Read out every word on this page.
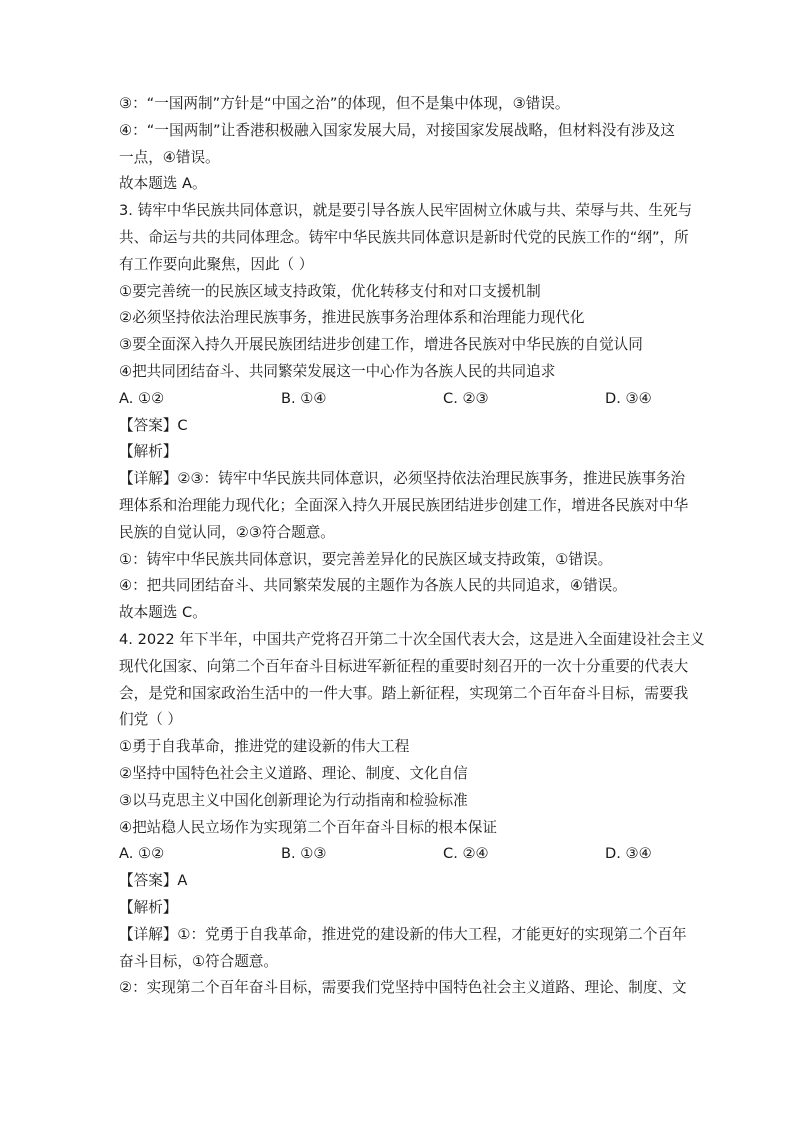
③：“一国两制”方针是“中国之治”的体现，但不是集中体现，③错误。
④：“一国两制”让香港积极融入国家发展大局，对接国家发展战略，但材料没有涉及这
一点，④错误。
故本题选 A。
3. 铸牢中华民族共同体意识，就是要引导各族人民牢固树立休戚与共、荣辱与共、生死与
共、命运与共的共同体理念。铸牢中华民族共同体意识是新时代党的民族工作的“纲”，所
有工作要向此聚焦，因此（ ）
①要完善统一的民族区域支持政策，优化转移支付和对口支援机制
②必须坚持依法治理民族事务，推进民族事务治理体系和治理能力现代化
③要全面深入持久开展民族团结进步创建工作，增进各民族对中华民族的自觉认同
④把共同团结奋斗、共同繁荣发展这一中心作为各族人民的共同追求
A. ①②	B. ①④	C. ②③	D. ③④
【答案】C
【解析】
【详解】②③：铸牢中华民族共同体意识，必须坚持依法治理民族事务，推进民族事务治
理体系和治理能力现代化；全面深入持久开展民族团结进步创建工作，增进各民族对中华
民族的自觉认同，②③符合题意。
①：铸牢中华民族共同体意识，要完善差异化的民族区域支持政策，①错误。
④：把共同团结奋斗、共同繁荣发展的主题作为各族人民的共同追求，④错误。
故本题选 C。
4. 2022 年下半年，中国共产党将召开第二十次全国代表大会，这是进入全面建设社会主义
现代化国家、向第二个百年奋斗目标进军新征程的重要时刻召开的一次十分重要的代表大
会，是党和国家政治生活中的一件大事。踏上新征程，实现第二个百年奋斗目标，需要我
们党（ ）
①勇于自我革命，推进党的建设新的伟大工程
②坚持中国特色社会主义道路、理论、制度、文化自信
③以马克思主义中国化创新理论为行动指南和检验标准
④把站稳人民立场作为实现第二个百年奋斗目标的根本保证
A. ①②	B. ①③	C. ②④	D. ③④
【答案】A
【解析】
【详解】①：党勇于自我革命，推进党的建设新的伟大工程，才能更好的实现第二个百年
奋斗目标，①符合题意。
②：实现第二个百年奋斗目标，需要我们党坚持中国特色社会主义道路、理论、制度、文
